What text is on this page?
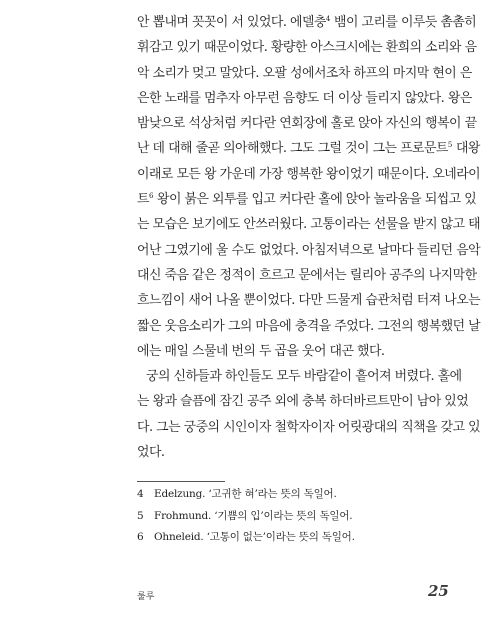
안 뽑내며 꼿꼿이 서 있었다. 에델충$^4$ 뱀이 고리를 이루듯 촘촘히
휘감고 있기 때문이었다. 황량한 아스크시에는 환희의 소리와 음
악 소리가 멎고 말았다. 오팔 성에서조차 하프의 마지막 현이 은
은한 노래를 멈추자 아무런 음향도 더 이상 들리지 않았다. 왕은
밤낮으로 석상처럼 커다란 연회장에 홀로 앉아 자신의 행복이 끝
난 데 대해 줄곧 의아해했다. 그도 그럴 것이 그는 프로문트$^5$ 대왕
이래로 모든 왕 가운데 가장 행복한 왕이었기 때문이다. 오네라이
트$^6$ 왕이 붉은 외투를 입고 커다란 홀에 앉아 놀라움을 되씹고 있
는 모습은 보기에도 안쓰러웠다. 고통이라는 선물을 받지 않고 태
어난 그였기에 울 수도 없었다. 아침저녁으로 날마다 들리던 음악
대신 죽음 같은 정적이 흐르고 문에서는 릴리아 공주의 나지막한
흐느낌이 새어 나올 뿐이었다. 다만 드물게 습관처럼 터져 나오는
짧은 웃음소리가 그의 마음에 충격을 주었다. 그전의 행복했던 날
에는 매일 스물네 번의 두 곱을 웃어 대곤 했다.
궁의 신하들과 하인들도 모두 바람같이 흩어져 버렸다. 홀에
는 왕과 슬픔에 잠긴 공주 외에 충복 하더바르트만이 남아 있었
다. 그는 궁중의 시인이자 철학자이자 어릿광대의 직책을 갖고 있
었다.
4 Edelzung. ‘고귀한 혀’라는 뜻의 독일어.
5 Frohmund. ‘기쁨의 입’이라는 뜻의 독일어.
6 Ohneleid. ‘고통이 없는’이라는 뜻의 독일어.
룰루	25
